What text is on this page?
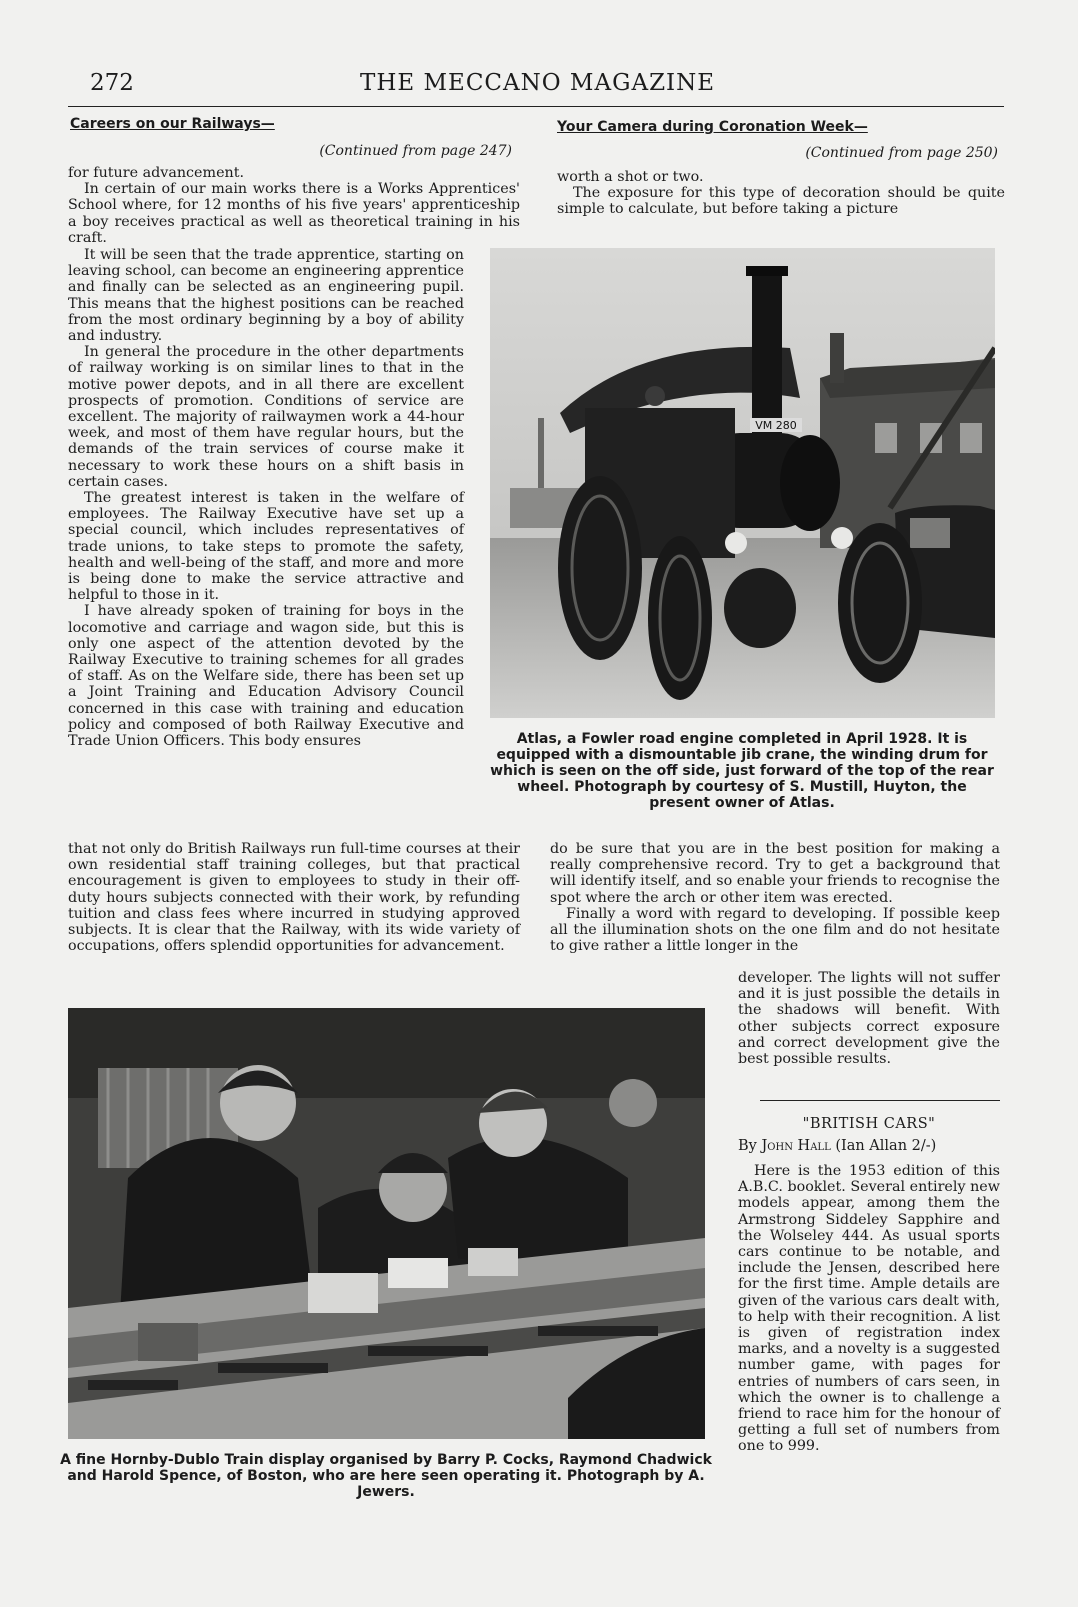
272	THE MECCANO MAGAZINE
Careers on our Railways—
(Continued from page 247)

for future advancement.

In certain of our main works there is a Works Apprentices' School where, for 12 months of his five years' apprenticeship a boy receives practical as well as theoretical training in his craft.

It will be seen that the trade apprentice, starting on leaving school, can become an engineering apprentice and finally can be selected as an engineering pupil. This means that the highest positions can be reached from the most ordinary beginning by a boy of ability and industry.

In general the procedure in the other departments of railway working is on similar lines to that in the motive power depots, and in all there are excellent prospects of promotion. Conditions of service are excellent. The majority of railwaymen work a 44-hour week, and most of them have regular hours, but the demands of the train services of course make it necessary to work these hours on a shift basis in certain cases.

The greatest interest is taken in the welfare of employees. The Railway Executive have set up a special council, which includes representatives of trade unions, to take steps to promote the safety, health and well-being of the staff, and more and more is being done to make the service attractive and helpful to those in it.

I have already spoken of training for boys in the locomotive and carriage and wagon side, but this is only one aspect of the attention devoted by the Railway Executive to training schemes for all grades of staff. As on the Welfare side, there has been set up a Joint Training and Education Advisory Council concerned in this case with training and education policy and composed of both Railway Executive and Trade Union Officers. This body ensures

that not only do British Railways run full-time courses at their own residential staff training colleges, but that practical encouragement is given to employees to study in their off-duty hours subjects connected with their work, by refunding tuition and class fees where incurred in studying approved subjects. It is clear that the Railway, with its wide variety of occupations, offers splendid opportunities for advancement.

Your Camera during Coronation Week—
(Continued from page 250)

worth a shot or two.

The exposure for this type of decoration should be quite simple to calculate, but before taking a picture

VM 280
Atlas, a Fowler road engine completed in April 1928. It is equipped with a dismountable jib crane, the winding drum for which is seen on the off side, just forward of the top of the rear wheel. Photograph by courtesy of S. Mustill, Huyton, the present owner of Atlas.

do be sure that you are in the best position for making a really comprehensive record. Try to get a background that will identify itself, and so enable your friends to recognise the spot where the arch or other item was erected.

Finally a word with regard to developing. If possible keep all the illumination shots on the one film and do not hesitate to give rather a little longer in the

developer. The lights will not suffer and it is just possible the details in the shadows will benefit. With other subjects correct exposure and correct development give the best possible results.

"BRITISH CARS"
By John Hall (Ian Allan 2/-)

Here is the 1953 edition of this A.B.C. booklet. Several entirely new models appear, among them the Armstrong Siddeley Sapphire and the Wolseley 444. As usual sports cars continue to be notable, and include the Jensen, described here for the first time. Ample details are given of the various cars dealt with, to help with their recognition. A list is given of registration index marks, and a novelty is a suggested number game, with pages for entries of numbers of cars seen, in which the owner is to challenge a friend to race him for the honour of getting a full set of numbers from one to 999.

A fine Hornby-Dublo Train display organised by Barry P. Cocks, Raymond Chadwick and Harold Spence, of Boston, who are here seen operating it. Photograph by A. Jewers.
